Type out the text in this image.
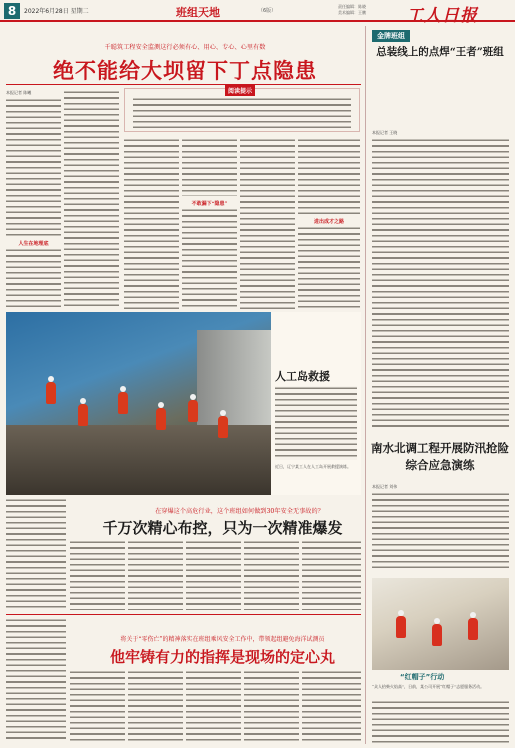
8	2022年6月28日 星期二	班组天地	（6版）
责任编辑：陈晓
美术编辑：王鹏 工人日报
千聪筑工程安全监测这行必须有心、用心、专心、心里有数
绝不能给大坝留下丁点隐患
本报记者 陈曦
人生在地理底
阅读提示
不敢漏下“隐患”
进出成才之路
人工岛救援
近日，辽宁某工人在人工岛开展救援演练。
在穿爆这个高危行业，这个班组如何做到30年安全无事故的？
千万次精心布控，只为一次精准爆发
将关于“零伤亡”的精神落实在班组乘风安全工作中，带领起组避免海洋试测员
他牢铸有力的指挥是现场的定心丸
金牌班组
总装线上的点焊“王者”班组
本报记者 王晓
南水北调工程开展防汛抢险综合应急演练
本报记者 刘伟
“红帽子”行动
“众人拾柴火焰高”，日前，某公司开展“红帽子”志愿服务活动。
